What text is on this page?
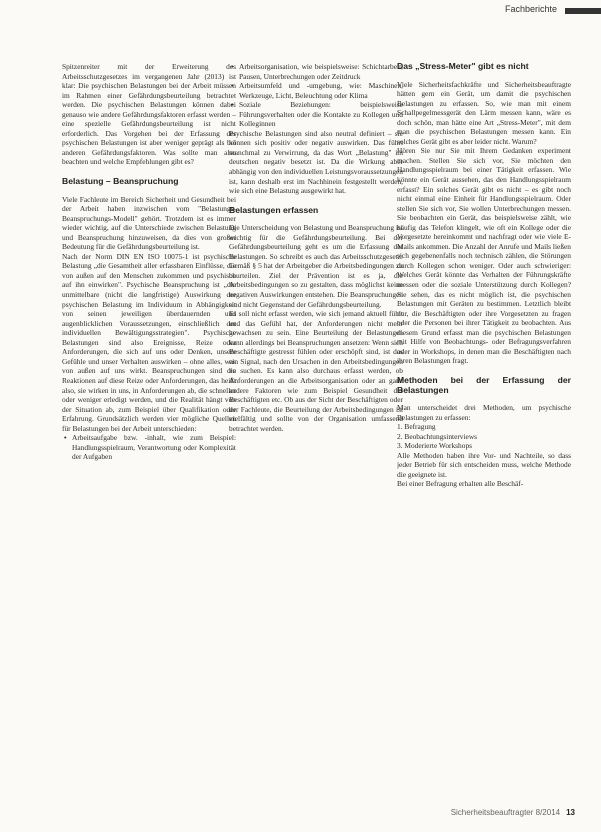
Fachberichte

Spitzenreiter mit der Erweiterung des Arbeitsschutzgesetzes im vergangenen Jahr (2013) ist klar: Die psychischen Belastungen bei der Arbeit müssen im Rahmen einer Gefährdungsbeurteilung betrachtet werden. Die psychischen Belastungen können dabei genauso wie andere Gefährdungsfaktoren erfasst werden – eine spezielle Gefährdungsbeurteilung ist nicht erforderlich. Das Vorgehen bei der Erfassung der psychischen Belastungen ist aber weniger geprägt als bei anderen Gefährdungsfaktoren. Was sollte man also beachten und welche Empfehlungen gibt es?

Belastung – Beanspruchung

Viele Fachleute im Bereich Sicherheit und Gesundheit bei der Arbeit haben inzwischen vom "Belastungs-Beanspruchungs-Modell" gehört. Trotzdem ist es immer wieder wichtig, auf die Unterschiede zwischen Belastung und Beanspruchung hinzuweisen, da dies von großer Bedeutung für die Gefährdungsbeurteilung ist.

Nach der Norm DIN EN ISO 10075-1 ist psychische Belastung „die Gesamtheit aller erfassbaren Einflüsse, die von außen auf den Menschen zukommen und psychisch auf ihn einwirken". Psychische Beanspruchung ist „die unmittelbare (nicht die langfristige) Auswirkung der psychischen Belastung im Individuum in Abhängigkeit von seinen jeweiligen überdauernden und augenblicklichen Voraussetzungen, einschließlich der individuellen Bewältigungsstrategien". Psychische Belastungen sind also Ereignisse, Reize oder Anforderungen, die sich auf uns oder Denken, unsere Gefühle und unser Verhalten auswirken – ohne alles, was von außen auf uns wirkt. Beanspruchungen sind die Reaktionen auf diese Reize oder Anforderungen, das heißt also, sie wirken in uns, in Anforderungen ab, die schneller oder weniger erledigt werden, und die Realität hängt von der Situation ab, zum Beispiel über Qualifikation oder Erfahrung. Grundsätzlich werden vier mögliche Quellen für Belastungen bei der Arbeit unterschieden:

• Arbeitsaufgabe bzw. -inhalt, wie zum Beispiel: Handlungsspielraum, Verantwortung oder Komplexität der Aufgaben
• Arbeitsorganisation, wie beispielsweise: Schichtarbeit, Pausen, Unterbrechungen oder Zeitdruck
• Arbeitsumfeld und -umgebung, wie: Maschinen, Werkzeuge, Licht, Beleuchtung oder Klima
• Soziale Beziehungen: beispielsweise Führungsverhalten oder die Kontakte zu Kollegen und Kolleginnen

Psychische Belastungen sind also neutral definiert – sie können sich positiv oder negativ auswirken. Das führt manchmal zu Verwirrung, da das Wort „Belastung" im deutschen negativ besetzt ist. Da die Wirkung aber abhängig von den individuellen Leistungsvoraussetzungen ist, kann deshalb erst im Nachhinein festgestellt werden, wie sich eine Belastung ausgewirkt hat.

Belastungen erfassen

Die Unterscheidung von Belastung und Beanspruchung ist wichtig für die Gefährdungsbeurteilung. Bei der Gefährdungsbeurteilung geht es um die Erfassung der Belastungen. So schreibt es auch das Arbeitsschutzgesetz: Gemäß § 5 hat der Arbeitgeber die Arbeitsbedingungen zu beurteilen. Ziel der Prävention ist es ja, die Arbeitsbedingungen so zu gestalten, dass möglichst keine negativen Auswirkungen entstehen. Die Beanspruchungen sind nicht Gegenstand der Gefährdungsbeurteilung.

Es soll nicht erfasst werden, wie sich jemand aktuell fühlt und das Gefühl hat, der Anforderungen nicht mehr gewachsen zu sein. Eine Beurteilung der Belastungen kann allerdings bei Beanspruchungen ansetzen: Wenn sich Beschäftigte gestresst fühlen oder erschöpft sind, ist das ein Signal, nach den Ursachen in den Arbeitsbedingungen zu suchen. Es kann also durchaus erfasst werden, ob Anforderungen an die Arbeitsorganisation oder an ganz andere Faktoren wie zum Beispiel Gesundheit der Beschäftigten etc. Ob aus der Sicht der Beschäftigten oder der Fachleute, die Beurteilung der Arbeitsbedingungen ist vielfältig und sollte von der Organisation umfassend betrachtet werden.

Das „Stress-Meter" gibt es nicht

Viele Sicherheitsfachkräfte und Sicherheitsbeauftragte hätten gern ein Gerät, um damit die psychischen Belastungen zu erfassen. So, wie man mit einem Schallpegelmessgerät den Lärm messen kann, wäre es doch schön, man hätte eine Art „Stress-Meter", mit dem man die psychischen Belastungen messen kann. Ein solches Gerät gibt es aber leider nicht. Warum?

Hören Sie nur Sie mit Ihrem Gedanken experiment machen. Stellen Sie sich vor, Sie möchten den Handlungsspielraum bei einer Tätigkeit erfassen. Wie könnte ein Gerät aussehen, das den Handlungsspielraum erfasst? Ein solches Gerät gibt es nicht – es gibt noch nicht einmal eine Einheit für Handlungsspielraum. Oder stellen Sie sich vor, Sie wollen Unterbrechungen messen. Sie beobachten ein Gerät, das beispielsweise zählt, wie häufig das Telefon klingelt, wie oft ein Kollege oder die Vorgesetzte hereinkommt und nachfragt oder wie viele E-Mails ankommen. Die Anzahl der Anrufe und Mails ließen sich gegebenenfalls noch technisch zählen, die Störungen durch Kollegen schon weniger. Oder auch schwieriger: Welches Gerät könnte das Verhalten der Führungskräfte messen oder die soziale Unterstützung durch Kollegen? Sie sehen, das es nicht möglich ist, die psychischen Belastungen mit Geräten zu bestimmen. Letztlich bleibt nur, die Beschäftigten oder ihre Vorgesetzten zu fragen oder die Personen bei ihrer Tätigkeit zu beobachten. Aus diesem Grund erfasst man die psychischen Belastungen mit Hilfe von Beobachtungs- oder Befragungsverfahren oder in Workshops, in denen man die Beschäftigten nach ihren Belastungen fragt.

Methoden bei der Erfassung der Belastungen

Man unterscheidet drei Methoden, um psychische Belastungen zu erfassen:

1. Befragung
2. Beobachtungsinterviews
3. Moderierte Workshops

Alle Methoden haben ihre Vor- und Nachteile, so dass jeder Betrieb für sich entscheiden muss, welche Methode die geeignete ist.

Bei einer Befragung erhalten alle Beschäf-

Sicherheitsbeauftragter 8/2014 13
